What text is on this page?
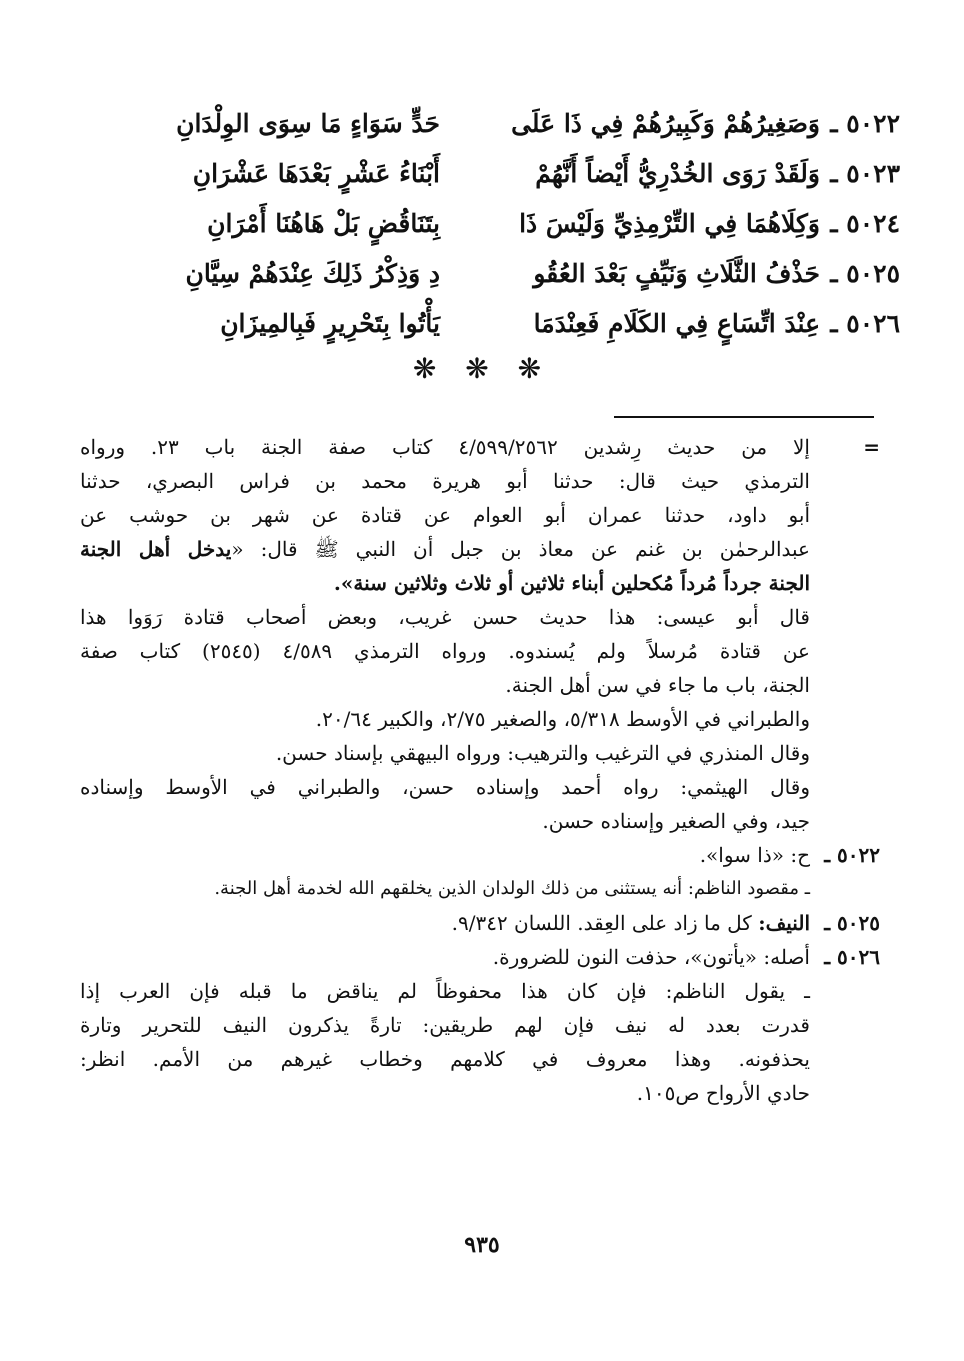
٥٠٢٢ ـ
وَصَغِيرُهُمْ وَكَبِيرُهُمْ فِي ذَا عَلَى
حَدٍّ سَوَاءٍ مَا سِوَى الوِلْدَانِ
٥٠٢٣ ـ
وَلَقَدْ رَوَى الخُدْرِيُّ أَيْضاً أَنَّهُمْ
أَبْنَاءُ عَشْرٍ بَعْدَهَا عَشْرَانِ
٥٠٢٤ ـ
وَكِلَاهُمَا فِي التِّرْمِذِيِّ وَلَيْسَ ذَا
بِتَنَاقُضٍ بَلْ هَاهُنَا أَمْرَانِ
٥٠٢٥ ـ
حَذْفُ الثَّلَاثِ وَنَيِّفٍ بَعْدَ العُقُو
دِ وَذِكْرُ ذَلِكَ عِنْدَهُمْ سِيَّانِ
٥٠٢٦ ـ
عِنْدَ اتِّسَاعٍ فِي الكَلَامِ فَعِنْدَمَا
يَأْتُوا بِتَحْرِيرٍ فَبِالمِيزَانِ
❋ ❋ ❋
=إلا من حديث رِشدين ٤/٥٩٩/٢٥٦٢ كتاب صفة الجنة باب ٢٣. ورواه
الترمذي حيث قال: حدثنا أبو هريرة محمد بن فراس البصري، حدثنا
أبو داود، حدثنا عمران أبو العوام عن قتادة عن شهر بن حوشب عن
عبدالرحمٰن بن غنم عن معاذ بن جبل أن النبي ﷺ قال: «يدخل أهل الجنة
الجنة جرداً مُرداً مُكحلين أبناء ثلاثين أو ثلاث وثلاثين سنة».
قال أبو عيسى: هذا حديث حسن غريب، وبعض أصحاب قتادة رَوَوا هذا
عن قتادة مُرسلاً ولم يُسندوه. ورواه الترمذي ٤/٥٨٩ (٢٥٤٥) كتاب صفة
الجنة، باب ما جاء في سن أهل الجنة.
والطبراني في الأوسط ٥/٣١٨، والصغير ٢/٧٥، والكبير ٢٠/٦٤.
وقال المنذري في الترغيب والترهيب: ورواه البيهقي بإسناد حسن.
وقال الهيثمي: رواه أحمد وإسناده حسن، والطبراني في الأوسط وإسناده
جيد، وفي الصغير وإسناده حسن.
٥٠٢٢ ـح: «ذا سوا».
ـ مقصود الناظم: أنه يستثنى من ذلك الولدان الذين يخلقهم الله لخدمة أهل الجنة.
٥٠٢٥ ـالنيف: كل ما زاد على العِقد. اللسان ٩/٣٤٢.
٥٠٢٦ ـأصله: «يأتون»، حذفت النون للضرورة.
ـ يقول الناظم: فإن كان هذا محفوظاً لم يناقض ما قبله فإن العرب إذا
قدرت بعدد له نيف فإن لهم طريقين: تارةً يذكرون النيف للتحرير وتارة
يحذفونه. وهذا معروف في كلامهم وخطاب غيرهم من الأمم. انظر:
حادي الأرواح ص١٠٥.
٩٣٥
